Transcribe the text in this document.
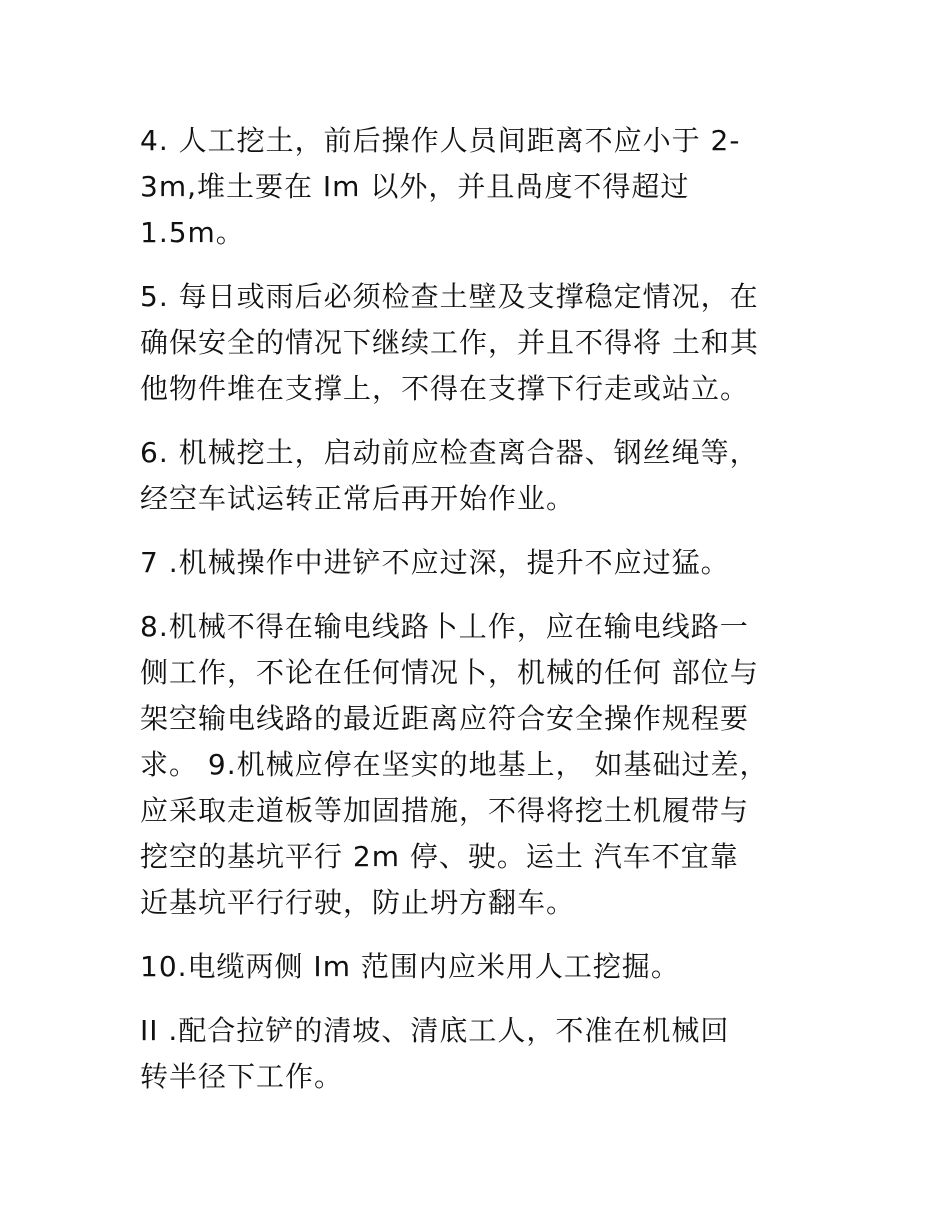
4. 人工挖土，前后操作人员间距离不应小于 2-
3m,堆土要在 Im 以外，并且咼度不得超过
1.5m。

5. 每日或雨后必须检查土壁及支撑稳定情况，在
确保安全的情况下继续工作，并且不得将 土和其
他物件堆在支撑上，不得在支撑下行走或站立。

6. 机械挖土，启动前应检查离合器、钢丝绳等，
经空车试运转正常后再开始作业。

7 .机械操作中进铲不应过深，提升不应过猛。

8.机械不得在输电线路卜丄作，应在输电线路一
侧工作，不论在任何情况卜，机械的任何 部位与
架空输电线路的最近距离应符合安全操作规程要
求。 9.机械应停在坚实的地基上， 如基础过差，
应采取走道板等加固措施，不得将挖土机履带与
挖空的基坑平行 2m 停、驶。运土 汽车不宜靠
近基坑平行行驶，防止坍方翻车。

10.电缆两侧 Im 范围内应米用人工挖掘。

II .配合拉铲的清坡、清底工人，不准在机械回
转半径下工作。
